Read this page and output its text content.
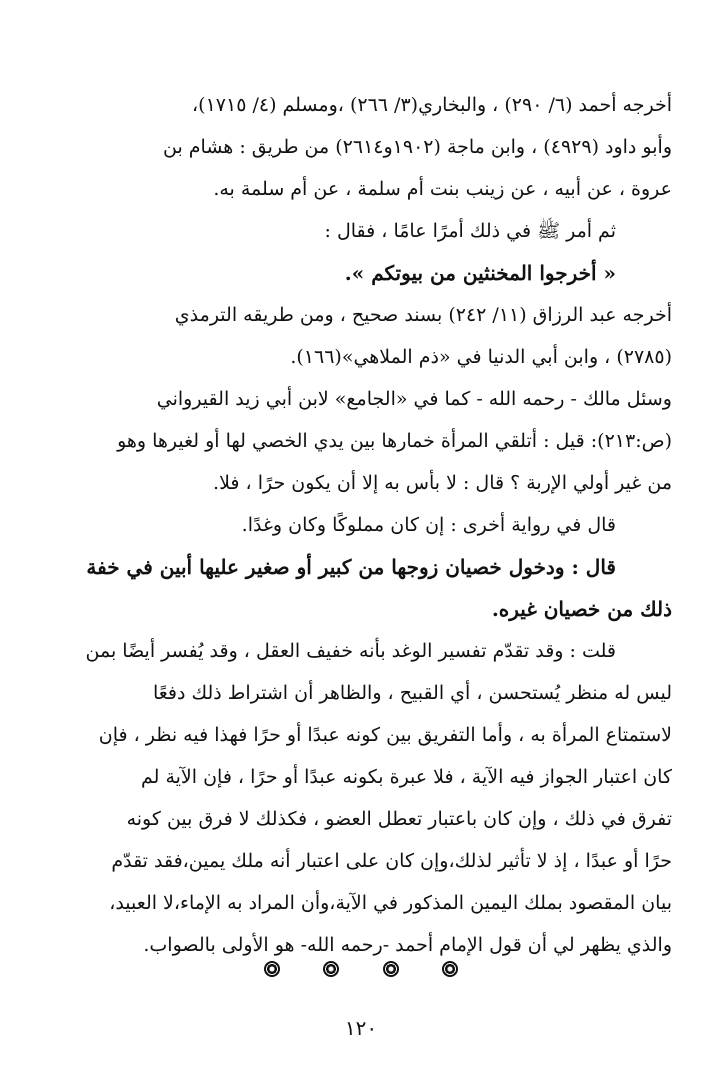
أخرجه أحمد (٦/ ٢٩٠) ، والبخاري(٣/ ٢٦٦) ،ومسلم (٤/ ١٧١٥)،
وأبو داود (٤٩٢٩) ، وابن ماجة (١٩٠٢و٢٦١٤) من طريق : هشام بن
عروة ، عن أبيه ، عن زينب بنت أم سلمة ، عن أم سلمة به.
ثم أمر ﷺ في ذلك أمرًا عامًا ، فقال :
« أخرجوا المخنثين من بيوتكم ».
أخرجه عبد الرزاق (١١/ ٢٤٢) بسند صحيح ، ومن طريقه الترمذي
(٢٧٨٥) ، وابن أبي الدنيا في «ذم الملاهي»(١٦٦).
وسئل مالك - رحمه الله - كما في «الجامع» لابن أبي زيد القيرواني
(ص:٢١٣): قيل : أتلقي المرأة خمارها بين يدي الخصي لها أو لغيرها وهو
من غير أولي الإربة ؟ قال : لا بأس به إلا أن يكون حرًا ، فلا.
قال في رواية أخرى : إن كان مملوكًا وكان وغدًا.
قال : ودخول خصيان زوجها من كبير أو صغير عليها أبين في خفة
ذلك من خصيان غيره.
قلت : وقد تقدّم تفسير الوغد بأنه خفيف العقل ، وقد يُفسر أيضًا بمن
ليس له منظر يُستحسن ، أي القبيح ، والظاهر أن اشتراط ذلك دفعًا
لاستمتاع المرأة به ، وأما التفريق بين كونه عبدًا أو حرًا فهذا فيه نظر ، فإن
كان اعتبار الجواز فيه الآية ، فلا عبرة بكونه عبدًا أو حرًا ، فإن الآية لم
تفرق في ذلك ، وإن كان باعتبار تعطل العضو ، فكذلك لا فرق بين كونه
حرًا أو عبدًا ، إذ لا تأثير لذلك،وإن كان على اعتبار أنه ملك يمين،فقد تقدّم
بيان المقصود بملك اليمين المذكور في الآية،وأن المراد به الإماء،لا العبيد،
والذي يظهر لي أن قول الإمام أحمد -رحمه الله- هو الأولى بالصواب.

١٢٠
